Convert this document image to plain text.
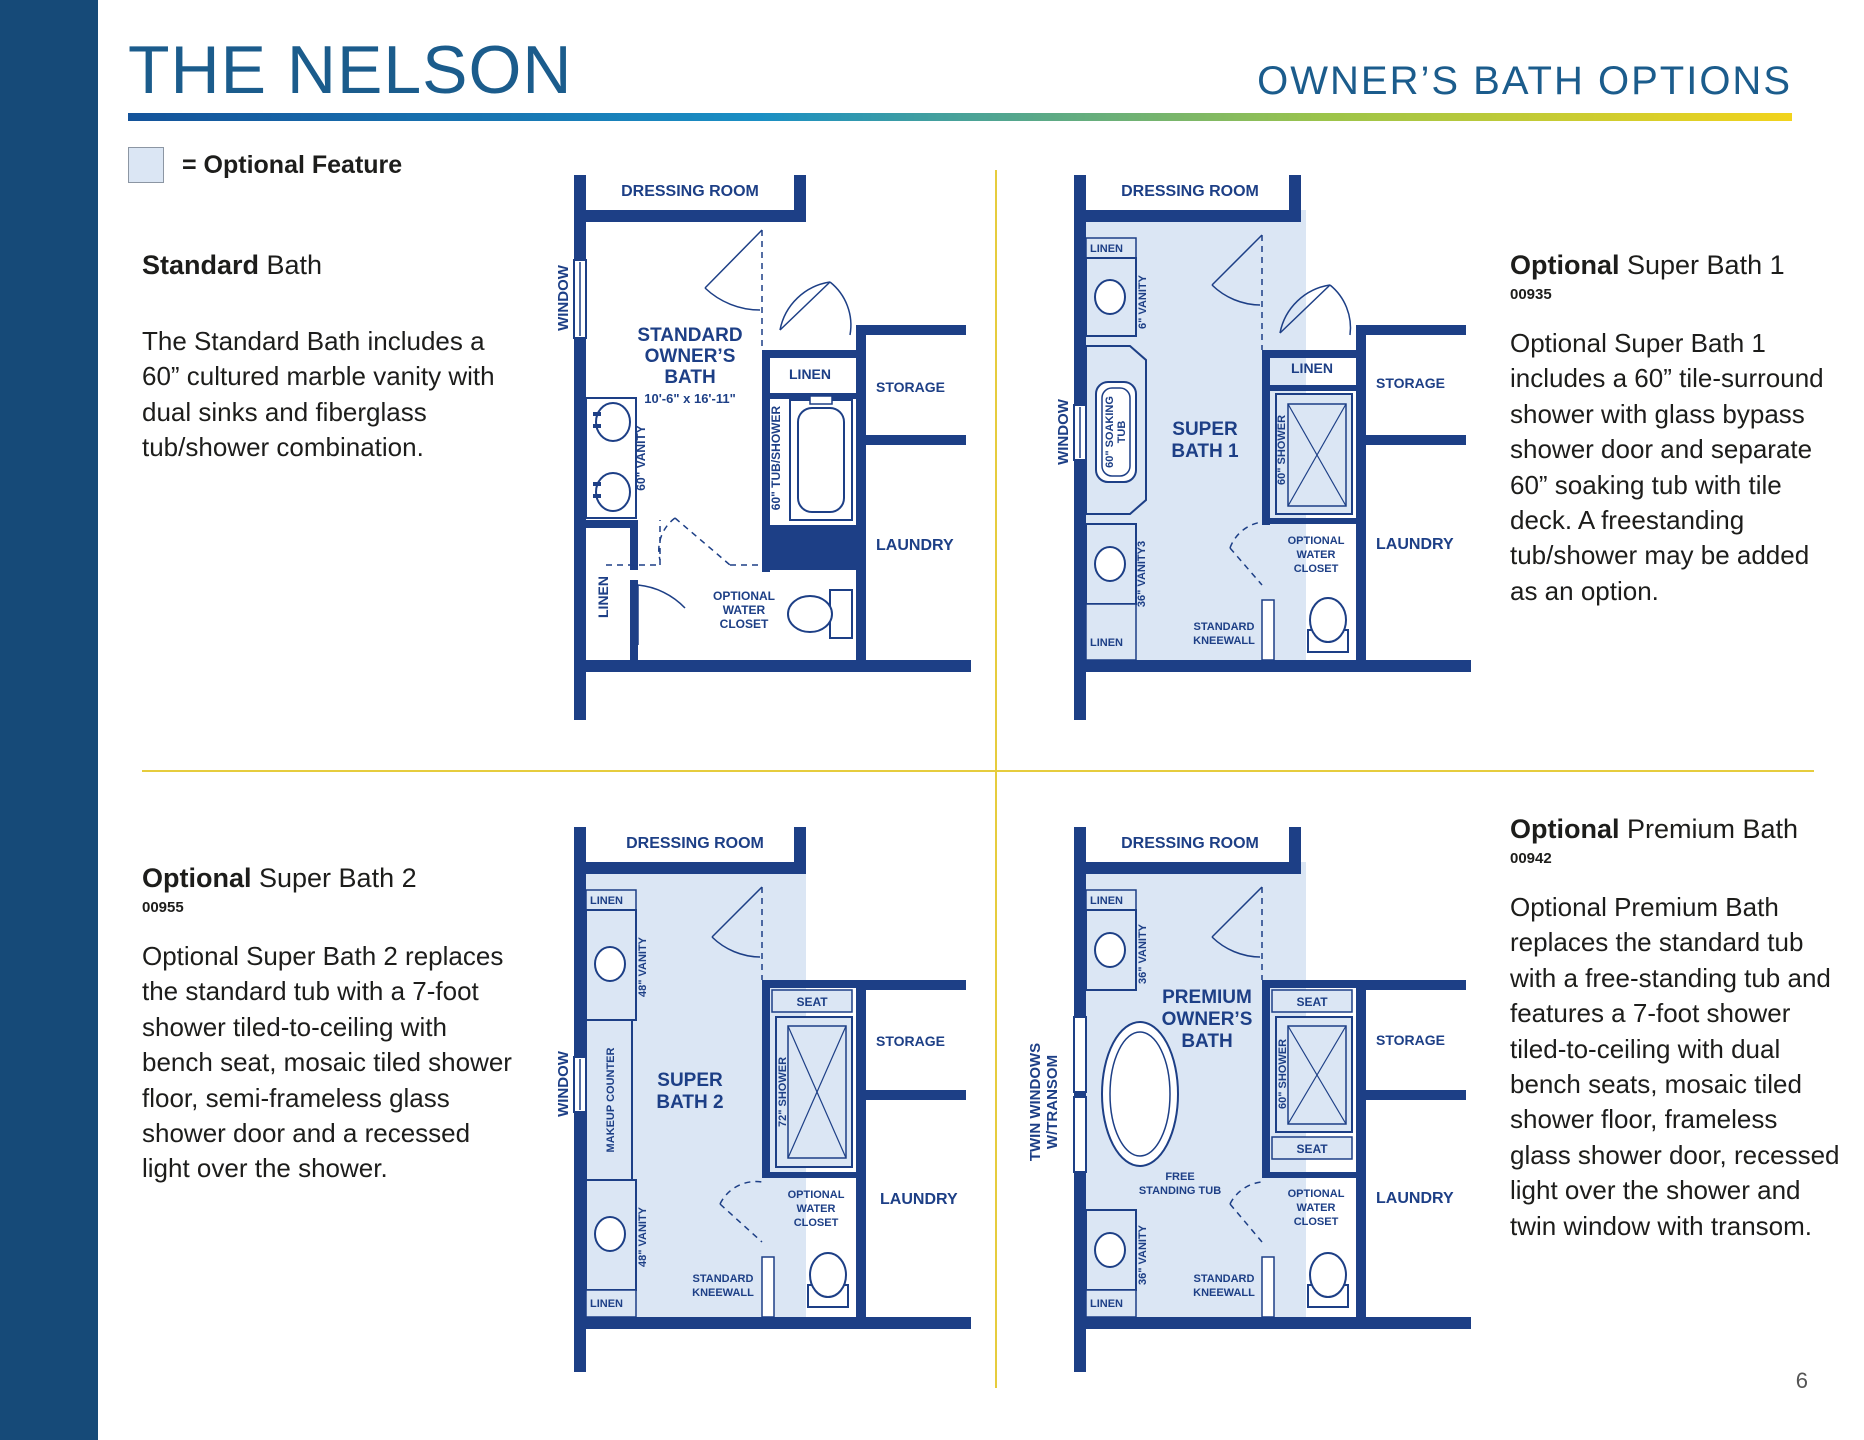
THE NELSON	OWNER’S BATH OPTIONS
= Optional Feature
Standard Bath
The Standard Bath includes a 60” cultured marble vanity with dual sinks and fiberglass tub/shower combination.
Optional Super Bath 1
00935
Optional Super Bath 1 includes a 60” tile-surround shower with glass bypass shower door and separate 60” soaking tub with tile deck. A freestanding tub/shower may be added as an option.
Optional Super Bath 2
00955
Optional Super Bath 2 replaces the standard tub with a 7-foot shower tiled-to-ceiling with bench seat, mosaic tiled shower floor, semi-frameless glass shower door and a recessed light over the shower.
Optional Premium Bath
00942
Optional Premium Bath replaces the standard tub with a free-standing tub and features a 7-foot shower tiled-to-ceiling with dual bench seats, mosaic tiled shower floor, frameless glass shower door, recessed light over the shower and twin window with transom.
DRESSING ROOM
WINDOW
STANDARD
OWNER’S
BATH
10'-6" x 16'-11"
LINEN
60" VANITY	60" TUB/SHOWER
LINEN
STORAGE
LAUNDRY
OPTIONAL
WATER
CLOSET
DRESSING ROOM
WINDOW
LINEN
6" VANITY
60" SOAKING TUB SUPER
BATH 1
LINEN
60" SHOWER
36" VANITY3
LINEN
STORAGE
LAUNDRY
OPTIONAL
WATER
CLOSET
STANDARD
KNEEWALL
DRESSING ROOM
WINDOW
LINEN
48" VANITY
MAKEUP COUNTER
48" VANITY
LINEN
SUPER
BATH 2
SEAT
72" SHOWER
STORAGE
LAUNDRY
OPTIONAL
WATER
CLOSET
STANDARD
KNEEWALL
DRESSING ROOM
TWIN WINDOWS W/TRANSOM
LINEN
36" VANITY
PREMIUM
OWNER’S
BATH
SEAT
60" SHOWER
SEAT
FREE
STANDING TUB
36" VANITY
LINEN
STORAGE
LAUNDRY
OPTIONAL
WATER
CLOSET
STANDARD
KNEEWALL
6
